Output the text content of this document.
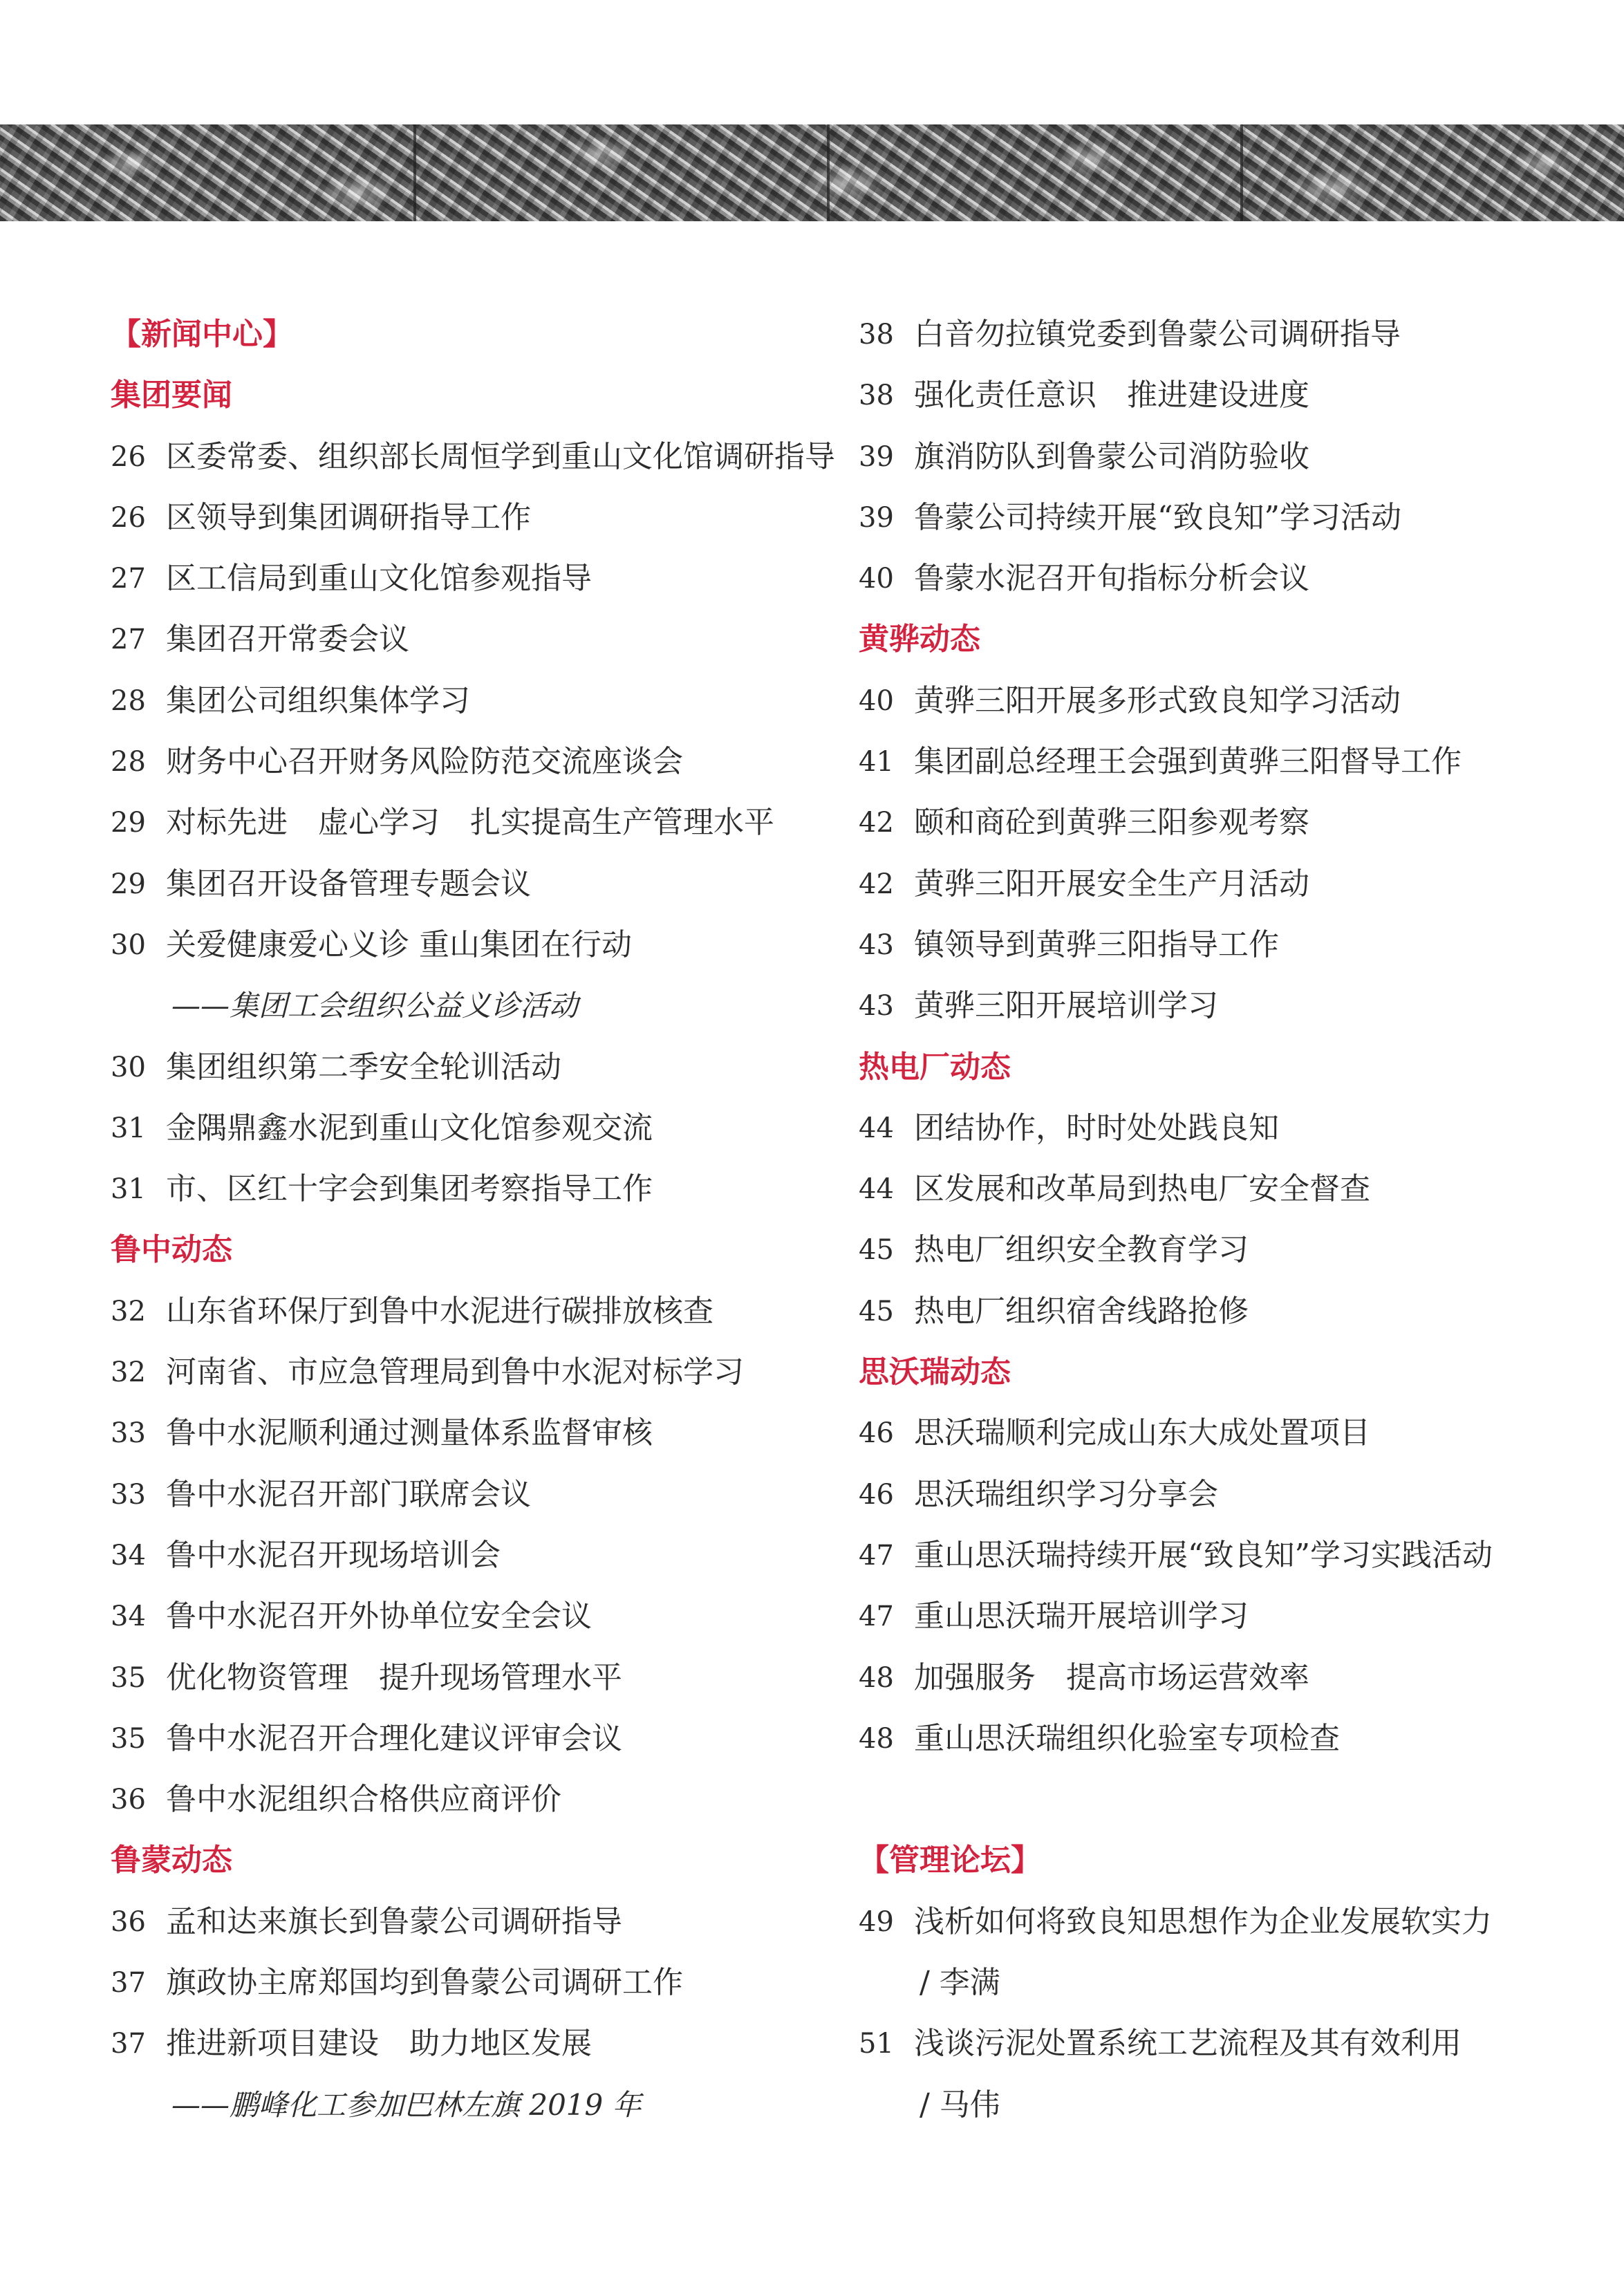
【新闻中心】
集团要闻
26 区委常委、组织部长周恒学到重山文化馆调研指导
26 区领导到集团调研指导工作
27 区工信局到重山文化馆参观指导
27 集团召开常委会议
28 集团公司组织集体学习
28 财务中心召开财务风险防范交流座谈会
29 对标先进　虚心学习　扎实提高生产管理水平
29 集团召开设备管理专题会议
30 关爱健康爱心义诊 重山集团在行动
——集团工会组织公益义诊活动
30 集团组织第二季安全轮训活动
31 金隅鼎鑫水泥到重山文化馆参观交流
31 市、区红十字会到集团考察指导工作
鲁中动态
32 山东省环保厅到鲁中水泥进行碳排放核查
32 河南省、市应急管理局到鲁中水泥对标学习
33 鲁中水泥顺利通过测量体系监督审核
33 鲁中水泥召开部门联席会议
34 鲁中水泥召开现场培训会
34 鲁中水泥召开外协单位安全会议
35 优化物资管理　提升现场管理水平
35 鲁中水泥召开合理化建议评审会议
36 鲁中水泥组织合格供应商评价
鲁蒙动态
36 孟和达来旗长到鲁蒙公司调研指导
37 旗政协主席郑国均到鲁蒙公司调研工作
37 推进新项目建设　助力地区发展
——鹏峰化工参加巴林左旗 2019 年
38 白音勿拉镇党委到鲁蒙公司调研指导
38 强化责任意识　推进建设进度
39 旗消防队到鲁蒙公司消防验收
39 鲁蒙公司持续开展“致良知”学习活动
40 鲁蒙水泥召开旬指标分析会议
黄骅动态
40 黄骅三阳开展多形式致良知学习活动
41 集团副总经理王会强到黄骅三阳督导工作
42 颐和商砼到黄骅三阳参观考察
42 黄骅三阳开展安全生产月活动
43 镇领导到黄骅三阳指导工作
43 黄骅三阳开展培训学习
热电厂动态
44 团结协作，时时处处践良知
44 区发展和改革局到热电厂安全督查
45 热电厂组织安全教育学习
45 热电厂组织宿舍线路抢修
思沃瑞动态
46 思沃瑞顺利完成山东大成处置项目
46 思沃瑞组织学习分享会
47 重山思沃瑞持续开展“致良知”学习实践活动
47 重山思沃瑞开展培训学习
48 加强服务　提高市场运营效率
48 重山思沃瑞组织化验室专项检查
【管理论坛】
49 浅析如何将致良知思想作为企业发展软实力
/ 李满
51 浅谈污泥处置系统工艺流程及其有效利用
/ 马伟
